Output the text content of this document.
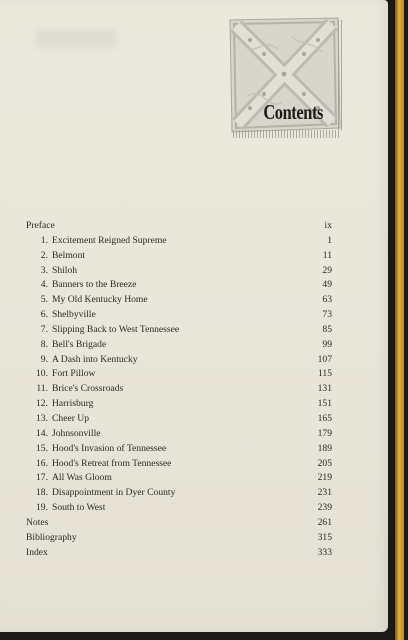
Contents
Preface	ix
1. Excitement Reigned Supreme	1
2. Belmont	11
3. Shiloh	29
4. Banners to the Breeze	49
5. My Old Kentucky Home	63
6. Shelbyville	73
7. Slipping Back to West Tennessee	85
8. Bell's Brigade	99
9. A Dash into Kentucky	107
10. Fort Pillow	115
11. Brice's Crossroads	131
12. Harrisburg	151
13. Cheer Up	165
14. Johnsonville	179
15. Hood's Invasion of Tennessee	189
16. Hood's Retreat from Tennessee	205
17. All Was Gloom	219
18. Disappointment in Dyer County	231
19. South to West	239
Notes	261
Bibliography	315
Index	333
